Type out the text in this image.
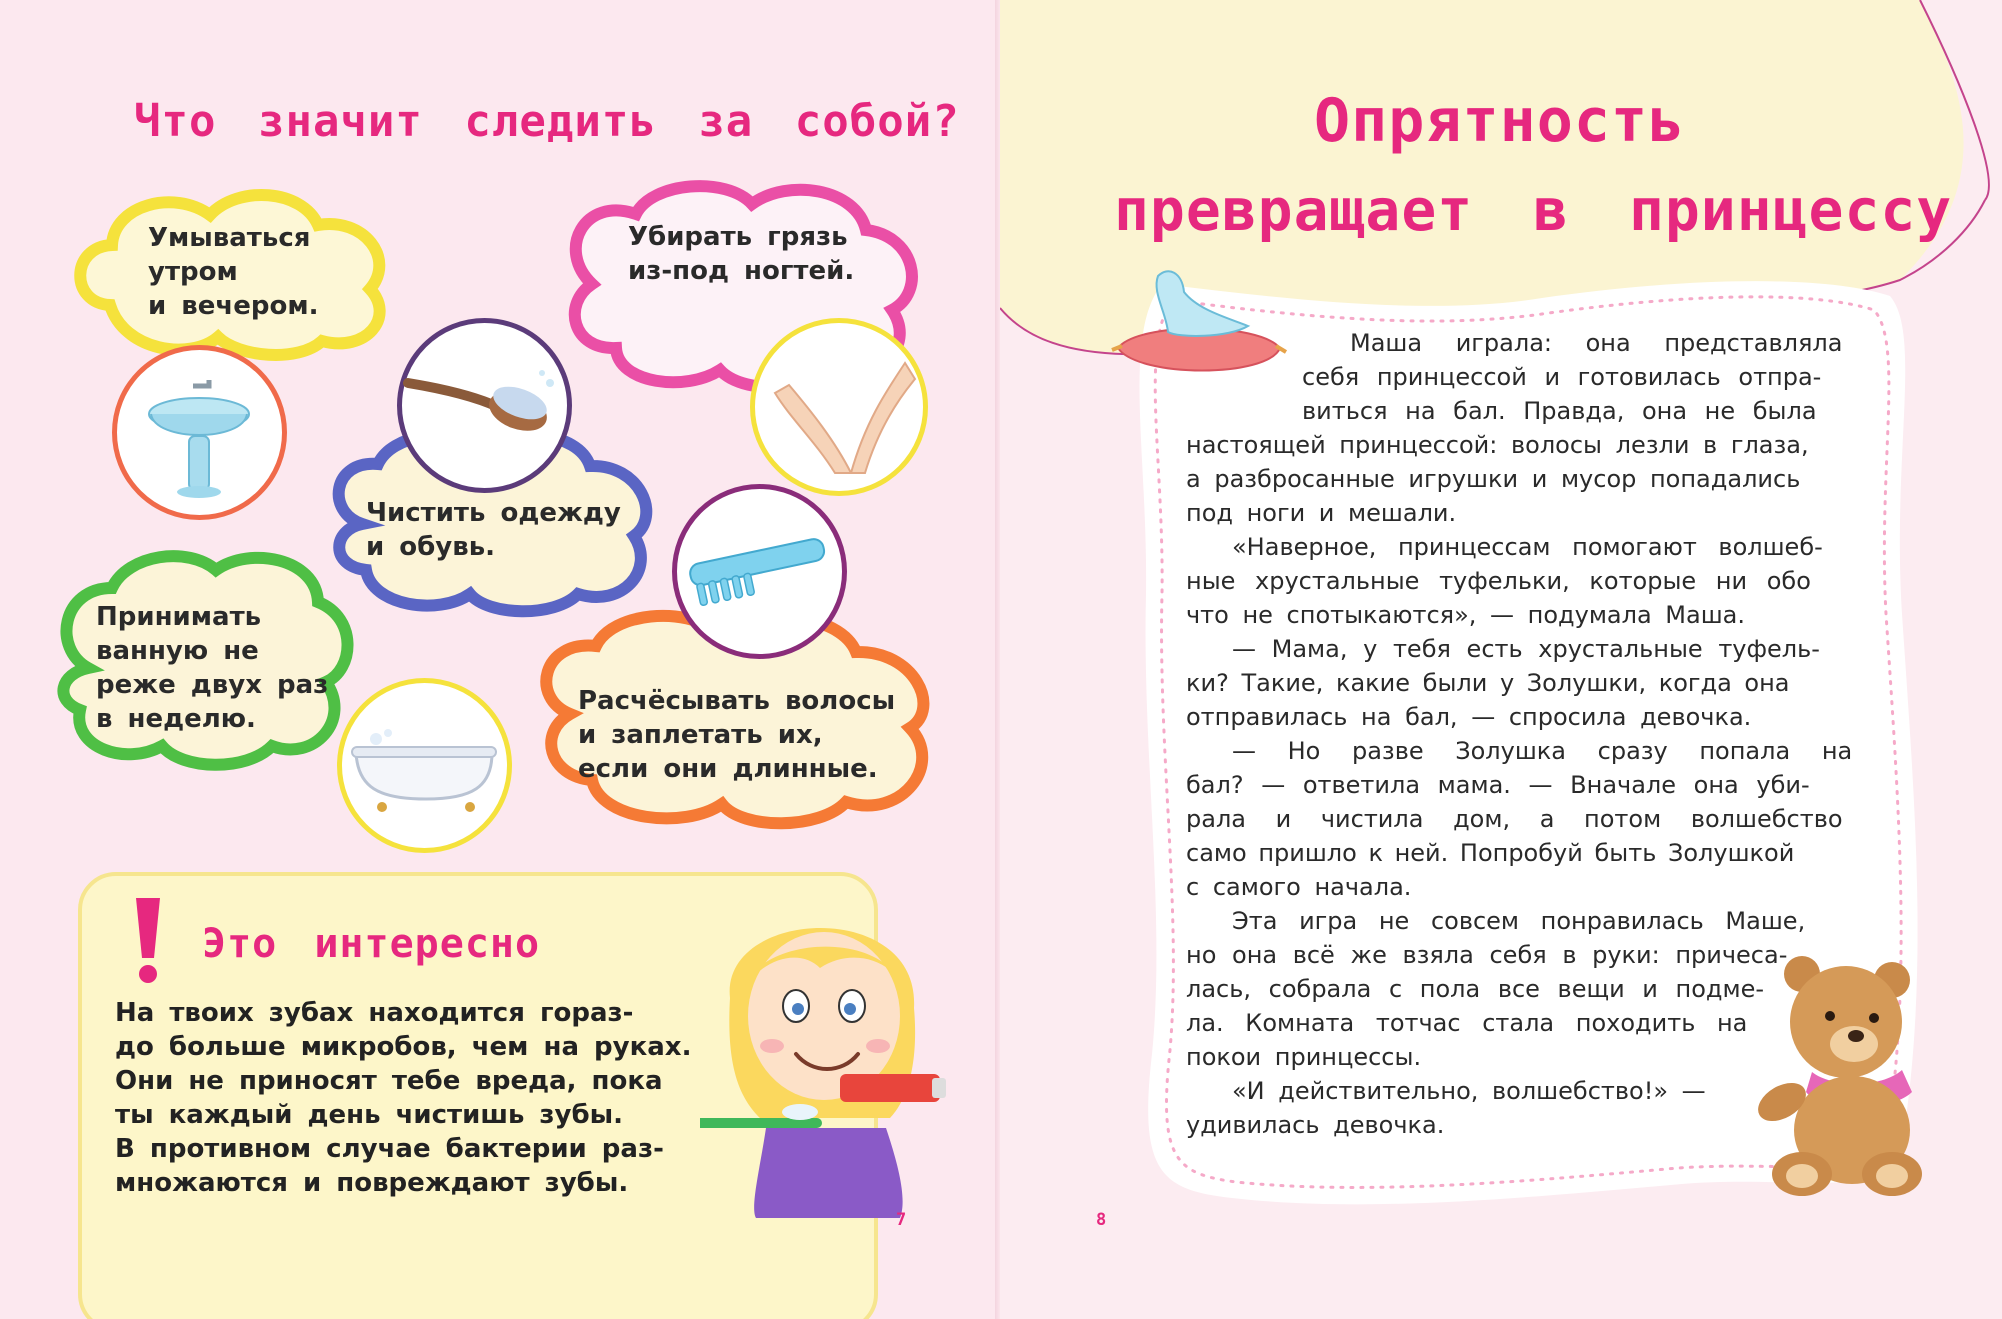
Что значит следить за собой?
Умываться
утром
и вечером.
Убирать грязь
из-под ногтей.
Чистить одежду
и обувь.
Принимать
ванную не
реже двух раз
в неделю.
Расчёсывать волосы
и заплетать их,
если они длинные.
Это интересно

На твоих зубах находится гораз-

до больше микробов, чем на руках.

Они не приносят тебе вреда, пока

ты каждый день чистишь зубы.

В противном случае бактерии раз-

множаются и повреждают зубы.

7
Опрятность
превращает в принцессу

Маша играла: она представляла

себя принцессой и готовилась отпра-

виться на бал. Правда, она не была

настоящей принцессой: волосы лезли в глаза,

а разбросанные игрушки и мусор попадались

под ноги и мешали.

«Наверное, принцессам помогают волшеб-

ные хрустальные туфельки, которые ни обо

что не спотыкаются», — подумала Маша.

— Мама, у тебя есть хрустальные туфель-

ки? Такие, какие были у Золушки, когда она

отправилась на бал, — спросила девочка.

— Но разве Золушка сразу попала на

бал? — ответила мама. — Вначале она уби-

рала и чистила дом, а потом волшебство

само пришло к ней. Попробуй быть Золушкой

с самого начала.

Эта игра не совсем понравилась Маше,

но она всё же взяла себя в руки: причеса-

лась, собрала с пола все вещи и подме-

ла. Комната тотчас стала походить на

покои принцессы.

«И действительно, волшебство!» —

удивилась девочка.

8
